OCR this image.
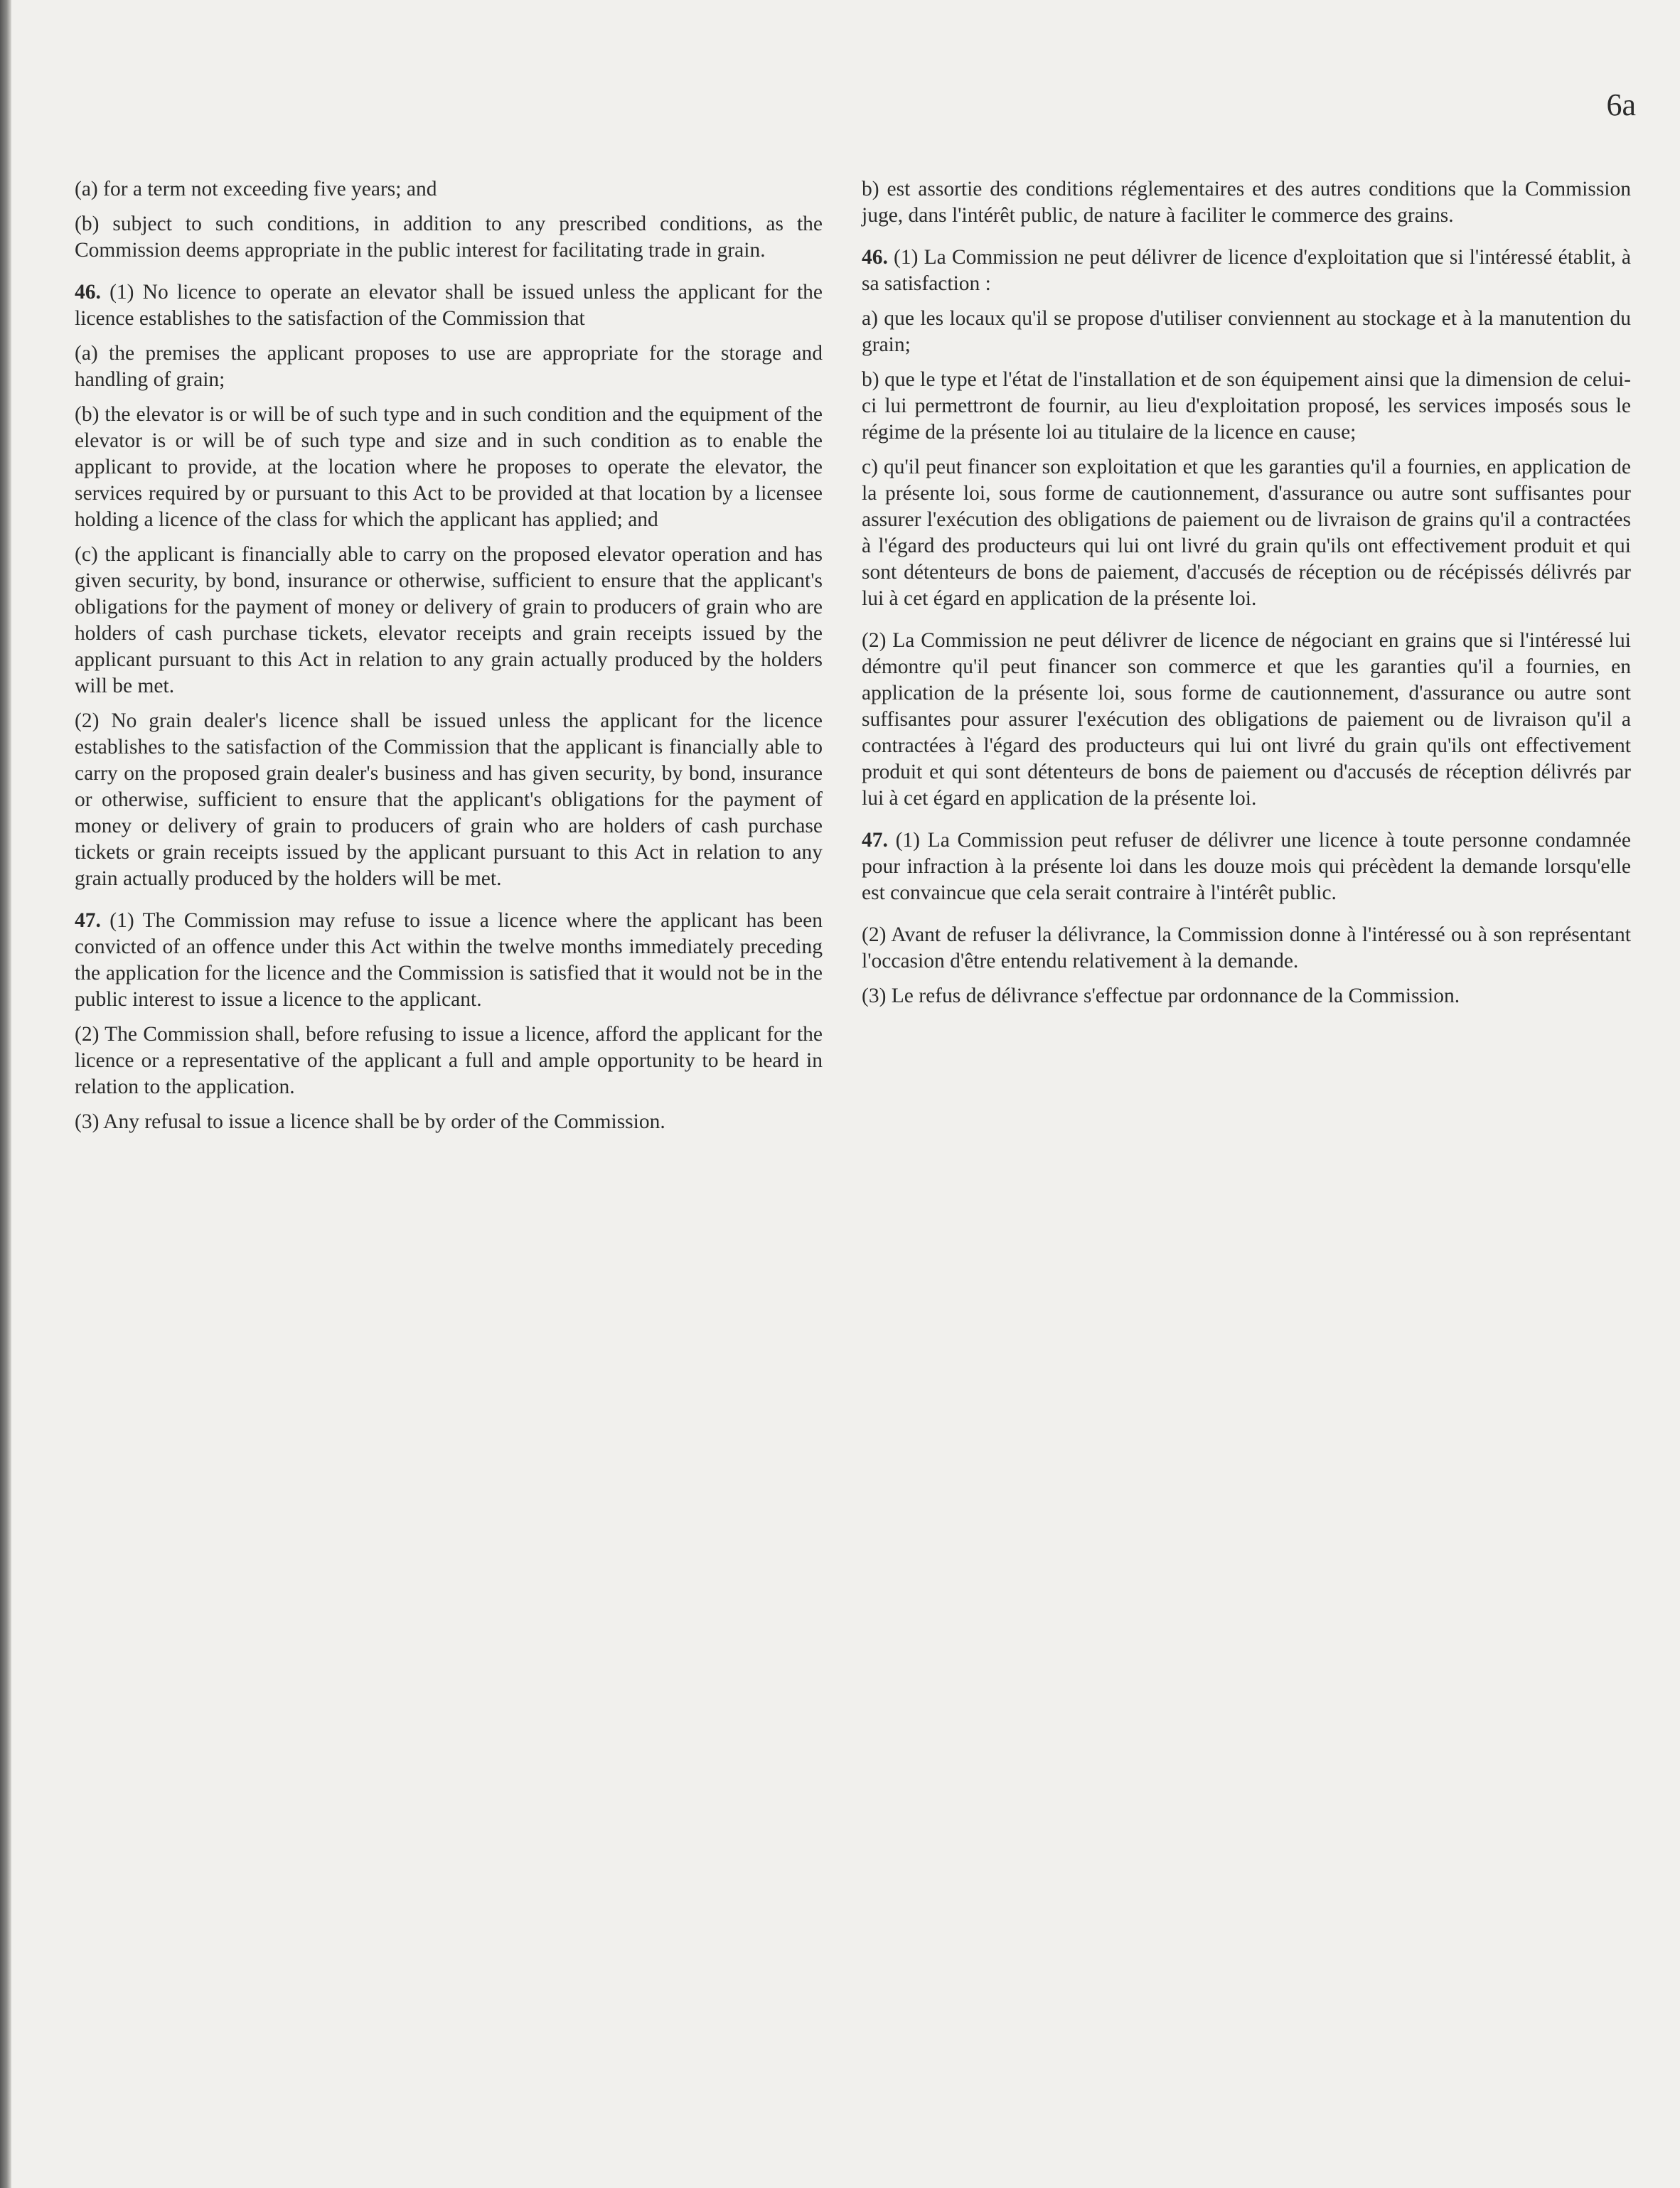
6a

(a) for a term not exceeding five years; and

(b) subject to such conditions, in addition to any prescribed conditions, as the Commission deems appropriate in the public interest for facilitating trade in grain.

46. (1) No licence to operate an elevator shall be issued unless the applicant for the licence establishes to the satisfaction of the Commission that

(a) the premises the applicant proposes to use are appropriate for the storage and handling of grain;

(b) the elevator is or will be of such type and in such condition and the equipment of the elevator is or will be of such type and size and in such condition as to enable the applicant to provide, at the location where he proposes to operate the elevator, the services required by or pursuant to this Act to be provided at that location by a licensee holding a licence of the class for which the applicant has applied; and

(c) the applicant is financially able to carry on the proposed elevator operation and has given security, by bond, insurance or otherwise, sufficient to ensure that the applicant's obligations for the payment of money or delivery of grain to producers of grain who are holders of cash purchase tickets, elevator receipts and grain receipts issued by the applicant pursuant to this Act in relation to any grain actually produced by the holders will be met.

(2) No grain dealer's licence shall be issued unless the applicant for the licence establishes to the satisfaction of the Commission that the applicant is financially able to carry on the proposed grain dealer's business and has given security, by bond, insurance or otherwise, sufficient to ensure that the applicant's obligations for the payment of money or delivery of grain to producers of grain who are holders of cash purchase tickets or grain receipts issued by the applicant pursuant to this Act in relation to any grain actually produced by the holders will be met.

47. (1) The Commission may refuse to issue a licence where the applicant has been convicted of an offence under this Act within the twelve months immediately preceding the application for the licence and the Commission is satisfied that it would not be in the public interest to issue a licence to the applicant.

(2) The Commission shall, before refusing to issue a licence, afford the applicant for the licence or a representative of the applicant a full and ample opportunity to be heard in relation to the application.

(3) Any refusal to issue a licence shall be by order of the Commission.

b) est assortie des conditions réglementaires et des autres conditions que la Commission juge, dans l'intérêt public, de nature à faciliter le commerce des grains.

46. (1) La Commission ne peut délivrer de licence d'exploitation que si l'intéressé établit, à sa satisfaction :

a) que les locaux qu'il se propose d'utiliser conviennent au stockage et à la manutention du grain;

b) que le type et l'état de l'installation et de son équipement ainsi que la dimension de celui-ci lui permettront de fournir, au lieu d'exploitation proposé, les services imposés sous le régime de la présente loi au titulaire de la licence en cause;

c) qu'il peut financer son exploitation et que les garanties qu'il a fournies, en application de la présente loi, sous forme de cautionnement, d'assurance ou autre sont suffisantes pour assurer l'exécution des obligations de paiement ou de livraison de grains qu'il a contractées à l'égard des producteurs qui lui ont livré du grain qu'ils ont effectivement produit et qui sont détenteurs de bons de paiement, d'accusés de réception ou de récépissés délivrés par lui à cet égard en application de la présente loi.

(2) La Commission ne peut délivrer de licence de négociant en grains que si l'intéressé lui démontre qu'il peut financer son commerce et que les garanties qu'il a fournies, en application de la présente loi, sous forme de cautionnement, d'assurance ou autre sont suffisantes pour assurer l'exécution des obligations de paiement ou de livraison qu'il a contractées à l'égard des producteurs qui lui ont livré du grain qu'ils ont effectivement produit et qui sont détenteurs de bons de paiement ou d'accusés de réception délivrés par lui à cet égard en application de la présente loi.

47. (1) La Commission peut refuser de délivrer une licence à toute personne condamnée pour infraction à la présente loi dans les douze mois qui précèdent la demande lorsqu'elle est convaincue que cela serait contraire à l'intérêt public.

(2) Avant de refuser la délivrance, la Commission donne à l'intéressé ou à son représentant l'occasion d'être entendu relativement à la demande.

(3) Le refus de délivrance s'effectue par ordonnance de la Commission.
